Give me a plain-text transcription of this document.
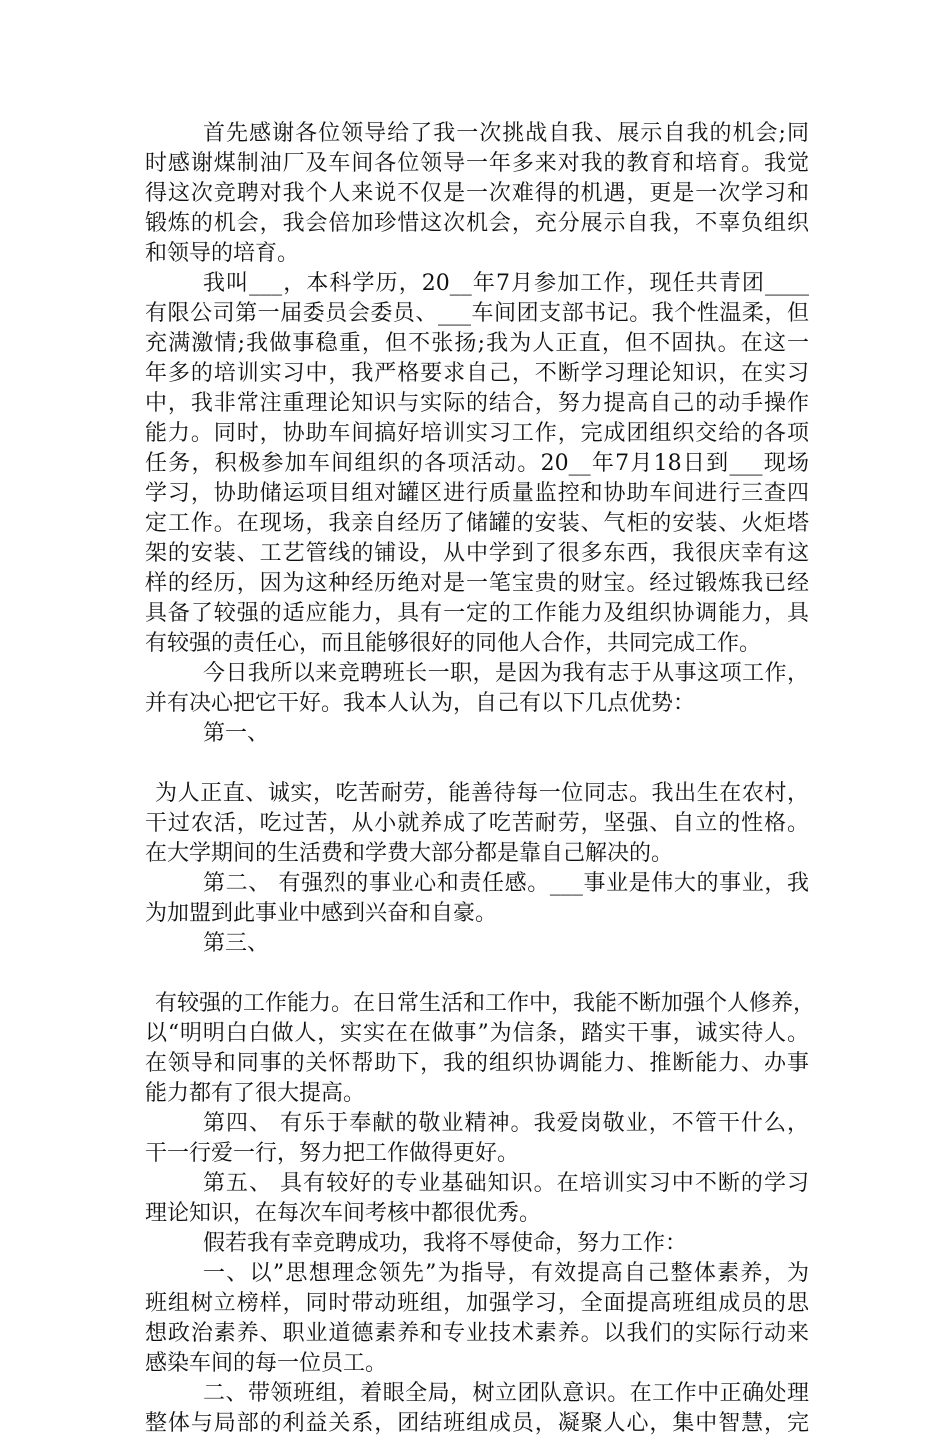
首先感谢各位领导给了我一次挑战自我、展示自我的机会;同
时感谢煤制油厂及车间各位领导一年多来对我的教育和培育。我觉
得这次竞聘对我个人来说不仅是一次难得的机遇，更是一次学习和
锻炼的机会，我会倍加珍惜这次机会，充分展示自我，不辜负组织
和领导的培育。
我叫___，本科学历，20__年7月参加工作，现任共青团____
有限公司第一届委员会委员、___车间团支部书记。我个性温柔，但
充满激情;我做事稳重，但不张扬;我为人正直，但不固执。在这一
年多的培训实习中，我严格要求自己，不断学习理论知识，在实习
中，我非常注重理论知识与实际的结合，努力提高自己的动手操作
能力。同时，协助车间搞好培训实习工作，完成团组织交给的各项
任务，积极参加车间组织的各项活动。20__年7月18日到___现场
学习，协助储运项目组对罐区进行质量监控和协助车间进行三查四
定工作。在现场，我亲自经历了储罐的安装、气柜的安装、火炬塔
架的安装、工艺管线的铺设，从中学到了很多东西，我很庆幸有这
样的经历，因为这种经历绝对是一笔宝贵的财宝。经过锻炼我已经
具备了较强的适应能力，具有一定的工作能力及组织协调能力，具
有较强的责任心，而且能够很好的同他人合作，共同完成工作。
今日我所以来竞聘班长一职，是因为我有志于从事这项工作，
并有决心把它干好。我本人认为，自己有以下几点优势：
第一、
为人正直、诚实，吃苦耐劳，能善待每一位同志。我出生在农村，
干过农活，吃过苦，从小就养成了吃苦耐劳，坚强、自立的性格。
在大学期间的生活费和学费大部分都是靠自己解决的。
第二、 有强烈的事业心和责任感。___事业是伟大的事业，我
为加盟到此事业中感到兴奋和自豪。
第三、
有较强的工作能力。在日常生活和工作中，我能不断加强个人修养，
以“明明白白做人，实实在在做事”为信条，踏实干事，诚实待人。
在领导和同事的关怀帮助下，我的组织协调能力、推断能力、办事
能力都有了很大提高。
第四、 有乐于奉献的敬业精神。我爱岗敬业，不管干什么，
干一行爱一行，努力把工作做得更好。
第五、 具有较好的专业基础知识。在培训实习中不断的学习
理论知识，在每次车间考核中都很优秀。
假若我有幸竞聘成功，我将不辱使命，努力工作：
一、以”思想理念领先”为指导，有效提高自己整体素养，为
班组树立榜样，同时带动班组，加强学习，全面提高班组成员的思
想政治素养、职业道德素养和专业技术素养。以我们的实际行动来
感染车间的每一位员工。
二、带领班组，着眼全局，树立团队意识。在工作中正确处理
整体与局部的利益关系，团结班组成员，凝聚人心，集中智慧，完
